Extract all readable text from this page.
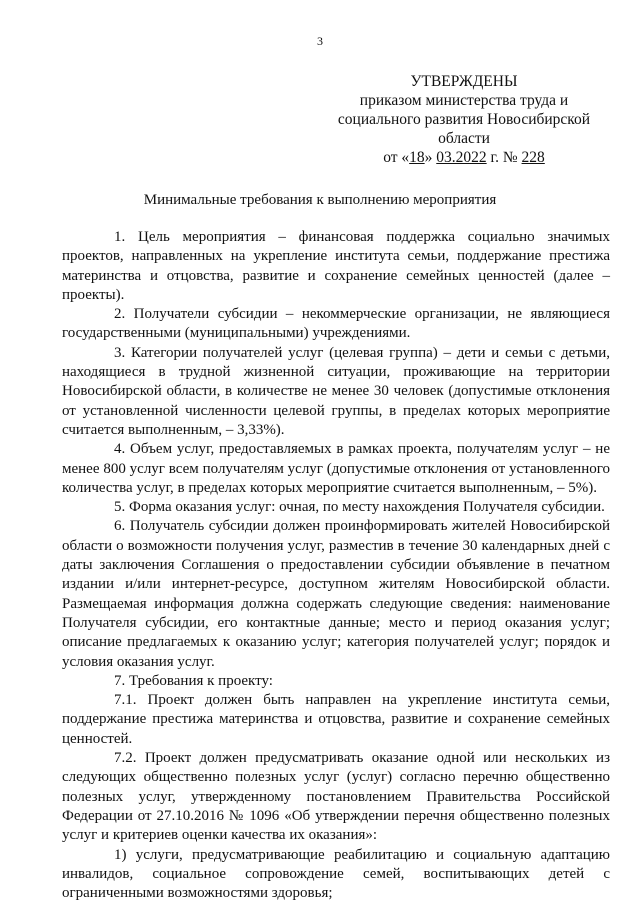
3
УТВЕРЖДЕНЫ
приказом министерства труда и
социального развития Новосибирской
области
от «18» 03.2022 г. № 228
Минимальные требования к выполнению мероприятия

1. Цель мероприятия – финансовая поддержка социально значимых проектов, направленных на укрепление института семьи, поддержание престижа материнства и отцовства, развитие и сохранение семейных ценностей (далее – проекты).

2. Получатели субсидии – некоммерческие организации, не являющиеся государственными (муниципальными) учреждениями.

3. Категории получателей услуг (целевая группа) – дети и семьи с детьми, находящиеся в трудной жизненной ситуации, проживающие на территории Новосибирской области, в количестве не менее 30 человек (допустимые отклонения от установленной численности целевой группы, в пределах которых мероприятие считается выполненным, – 3,33%).

4. Объем услуг, предоставляемых в рамках проекта, получателям услуг – не менее 800 услуг всем получателям услуг (допустимые отклонения от установленного количества услуг, в пределах которых мероприятие считается выполненным, – 5%).

5. Форма оказания услуг: очная, по месту нахождения Получателя субсидии.

6. Получатель субсидии должен проинформировать жителей Новосибирской области о возможности получения услуг, разместив в течение 30 календарных дней с даты заключения Соглашения о предоставлении субсидии объявление в печатном издании и/или интернет-ресурсе, доступном жителям Новосибирской области. Размещаемая информация должна содержать следующие сведения: наименование Получателя субсидии, его контактные данные; место и период оказания услуг; описание предлагаемых к оказанию услуг; категория получателей услуг; порядок и условия оказания услуг.

7. Требования к проекту:

7.1. Проект должен быть направлен на укрепление института семьи, поддержание престижа материнства и отцовства, развитие и сохранение семейных ценностей.

7.2. Проект должен предусматривать оказание одной или нескольких из следующих общественно полезных услуг (услуг) согласно перечню общественно полезных услуг, утвержденному постановлением Правительства Российской Федерации от 27.10.2016 № 1096 «Об утверждении перечня общественно полезных услуг и критериев оценки качества их оказания»:

1) услуги, предусматривающие реабилитацию и социальную адаптацию инвалидов, социальное сопровождение семей, воспитывающих детей с ограниченными возможностями здоровья;
